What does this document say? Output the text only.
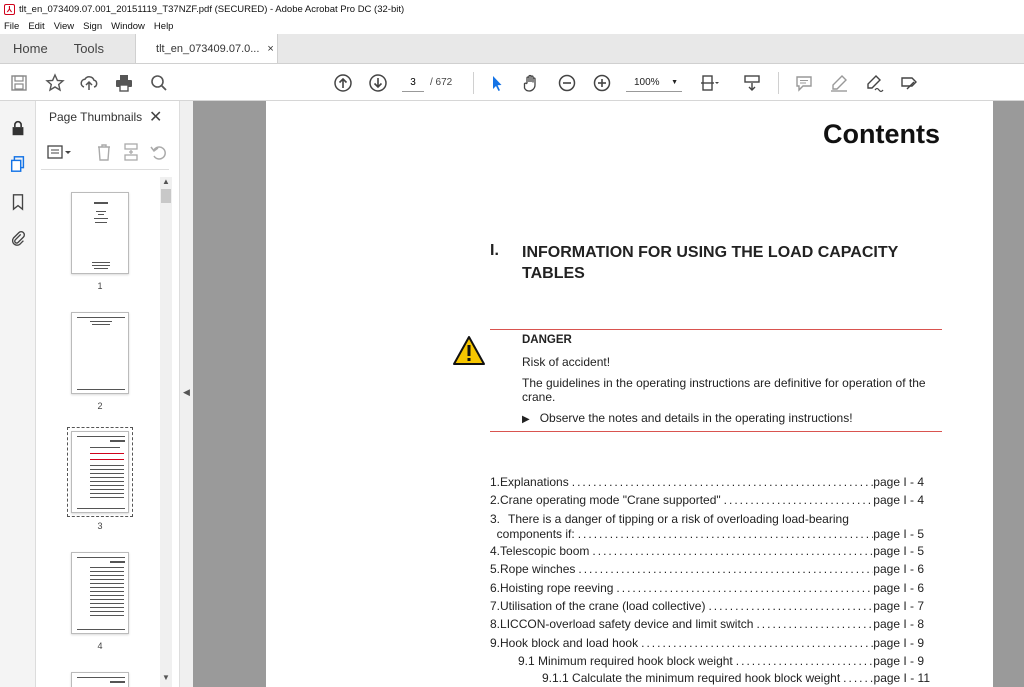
⅄ tlt_en_073409.07.001_20151119_T37NZF.pdf (SECURED) - Adobe Acrobat Pro DC (32-bit)
File Edit View Sign Window Help
Home	Tools	tlt_en_073409.07.0... ×
3
/ 672	100% ▼
Page Thumbnails ✕
1
2
3
4
▲
▼
◀
Contents
I. INFORMATION FOR USING THE LOAD CAPACITY TABLES
DANGER
Risk of accident!
The guidelines in the operating instructions are definitive for operation of the crane.
▶ Observe the notes and details in the operating instructions!
1. Explanations .....	page I - 4
2. Crane operating mode "Crane supported" .....	page I - 4
3. There is a danger of tipping or a risk of overloading load-bearing
components if: .....	page I - 5
4. Telescopic boom .....	page I - 5
5. Rope winches .....	page I - 6
6. Hoisting rope reeving .....	page I - 6
7. Utilisation of the crane (load collective) .....	page I - 7
8. LICCON-overload safety device and limit switch .....	page I - 8
9. Hook block and load hook .....	page I - 9
9.1 Minimum required hook block weight .....	page I - 9
9.1.1 Calculate the minimum required hook block weight .....	page I - 11
